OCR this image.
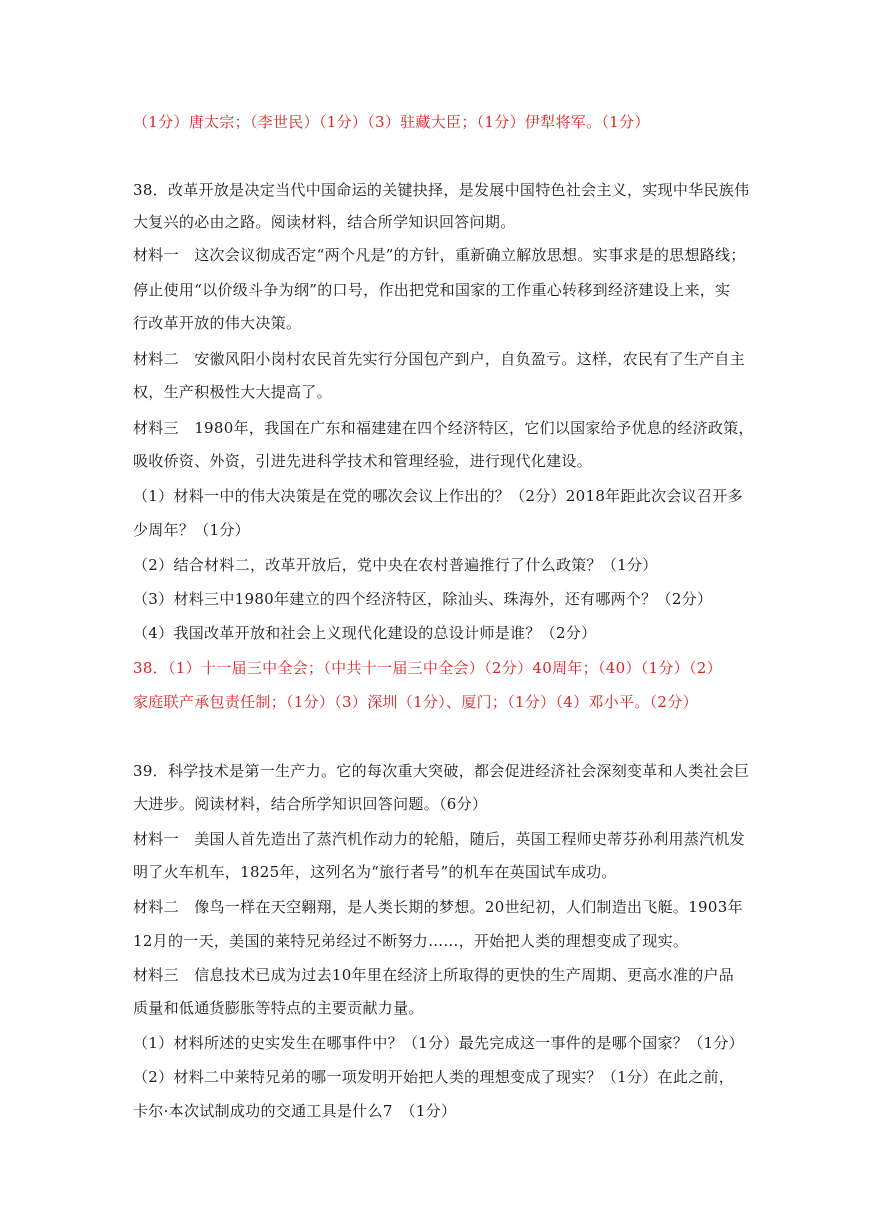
（1分）唐太宗；（李世民）（1分）（3）驻藏大臣；（1分）伊犁将军。（1分）
38．改革开放是决定当代中国命运的关键抉择，是发展中国特色社会主义，实现中华民族伟
大复兴的必由之路。阅读材料，结合所学知识回答问期。
材料一　这次会议彻成否定“两个凡是”的方针，重新确立解放思想。实事求是的思想路线；
停止使用“以价级斗争为纲”的口号，作出把党和国家的工作重心转移到经济建设上来，实
行改革开放的伟大决策。
材料二　安徽风阳小岗村农民首先实行分国包产到户，自负盈亏。这样，农民有了生产自主
权，生产积极性大大提高了。
材料三　1980年，我国在广东和福建建在四个经济特区，它们以国家给予优息的经济政策，
吸收侨资、外资，引进先进科学技术和管理经验，进行现代化建设。
（1）材料一中的伟大决策是在党的哪次会议上作出的？（2分）2018年距此次会议召开多
少周年？（1分）
（2）结合材料二，改革开放后，党中央在农村普遍推行了什么政策？（1分）
（3）材料三中1980年建立的四个经济特区，除汕头、珠海外，还有哪两个？（2分）
（4）我国改革开放和社会上义现代化建设的总设计师是谁？（2分）
38．（1）十一届三中全会；（中共十一届三中全会）（2分）40周年；（40）（1分）（2）
家庭联产承包责任制；（1分）（3）深圳（1分）、厦门；（1分）（4）邓小平。（2分）
39．科学技术是第一生产力。它的每次重大突破，都会促进经济社会深刻变革和人类社会巨
大进步。阅读材料，结合所学知识回答问题。（6分）
材料一　美国人首先造出了蒸汽机作动力的轮船，随后，英国工程师史蒂芬孙利用蒸汽机发
明了火车机车，1825年，这列名为“旅行者号”的机车在英国试车成功。
材料二　像鸟一样在天空翱翔，是人类长期的梦想。20世纪初，人们制造出飞艇。1903年
12月的一天，美国的莱特兄弟经过不断努力……，开始把人类的理想变成了现实。
材料三　信息技术已成为过去10年里在经济上所取得的更快的生产周期、更高水准的户品
质量和低通货膨胀等特点的主要贡献力量。
（1）材料所述的史实发生在哪事件中？（1分）最先完成这一事件的是哪个国家？（1分）
（2）材料二中莱特兄弟的哪一项发明开始把人类的理想变成了现实？（1分）在此之前，
卡尔·本次试制成功的交通工具是什么7　（1分）
